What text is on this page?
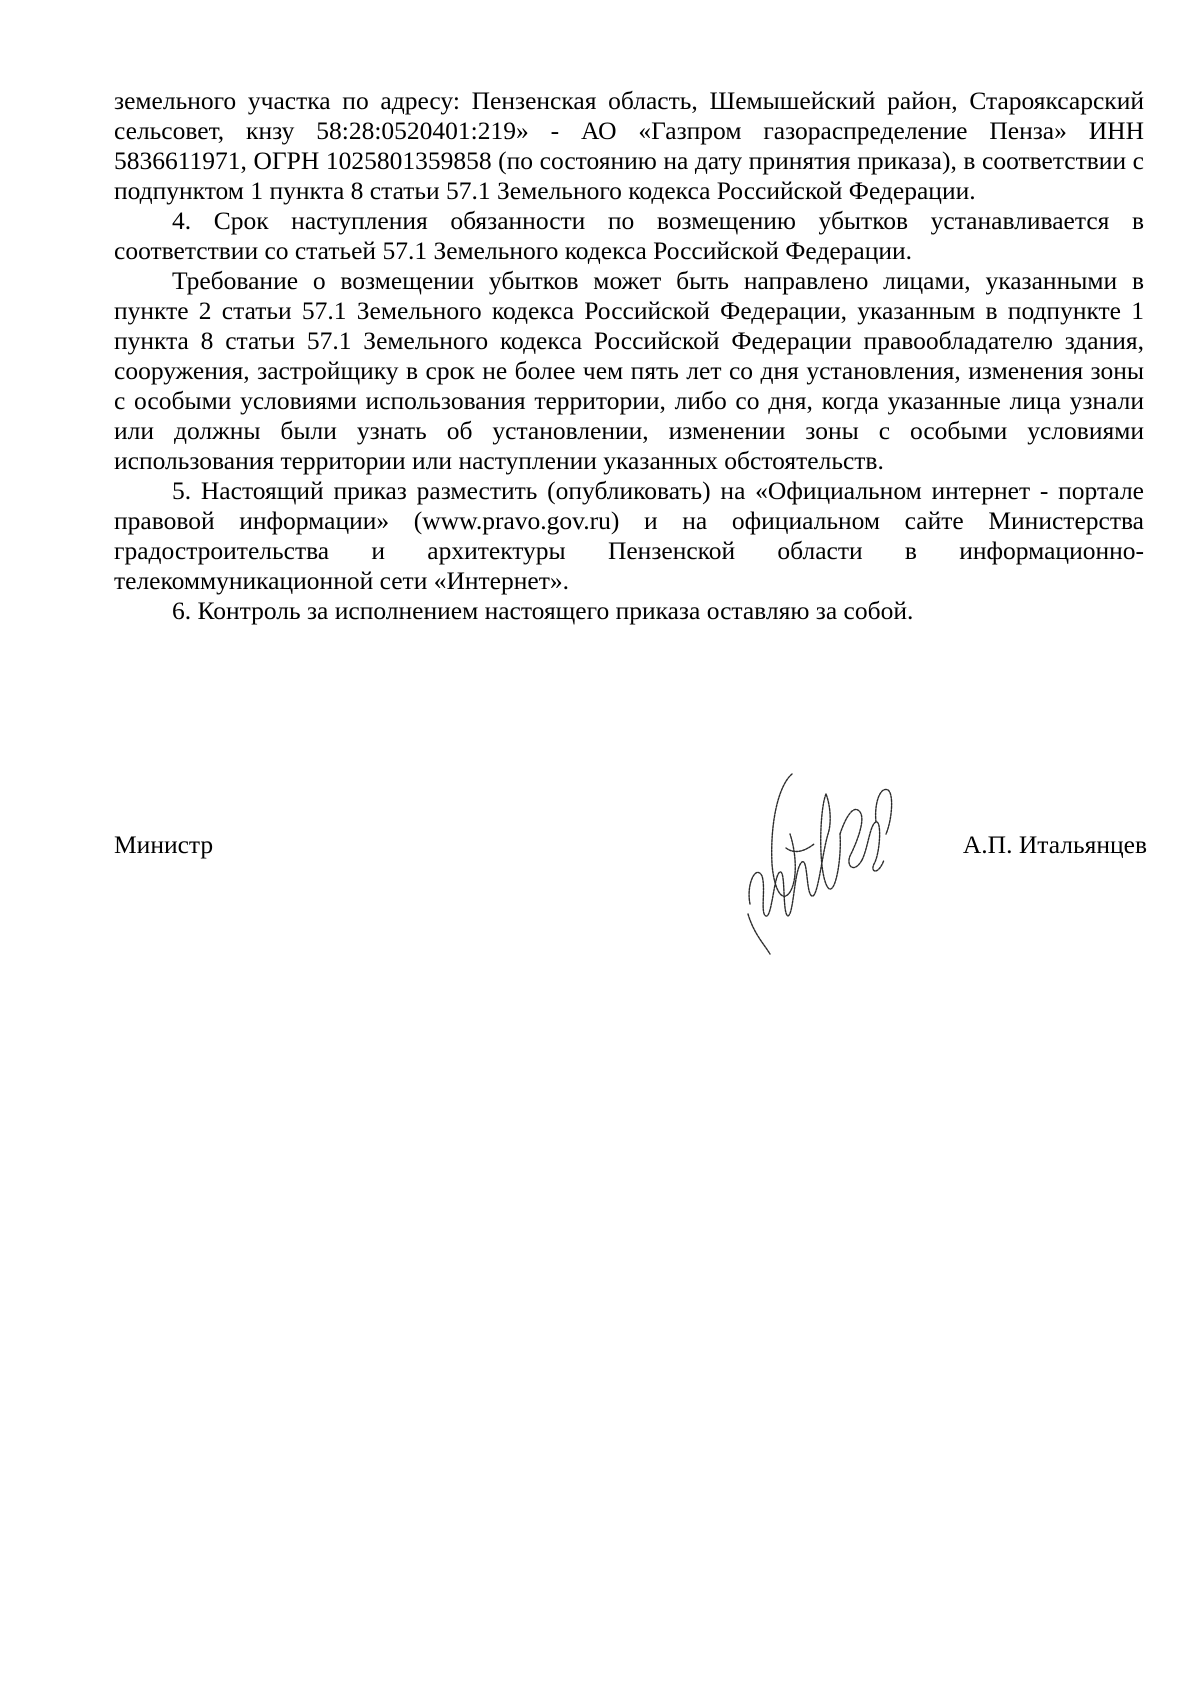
земельного участка по адресу: Пензенская область, Шемышейский район, Старояксарский сельсовет, кнзу 58:28:0520401:219» - АО «Газпром газораспределение Пенза» ИНН 5836611971, ОГРН 1025801359858 (по состоянию на дату принятия приказа), в соответствии с подпунктом 1 пункта 8 статьи 57.1 Земельного кодекса Российской Федерации.

4. Срок наступления обязанности по возмещению убытков устанавливается в соответствии со статьей 57.1 Земельного кодекса Российской Федерации.

Требование о возмещении убытков может быть направлено лицами, указанными в пункте 2 статьи 57.1 Земельного кодекса Российской Федерации, указанным в подпункте 1 пункта 8 статьи 57.1 Земельного кодекса Российской Федерации правообладателю здания, сооружения, застройщику в срок не более чем пять лет со дня установления, изменения зоны с особыми условиями использования территории, либо со дня, когда указанные лица узнали или должны были узнать об установлении, изменении зоны с особыми условиями использования территории или наступлении указанных обстоятельств.

5. Настоящий приказ разместить (опубликовать) на «Официальном интернет - портале правовой информации» (www.pravo.gov.ru) и на официальном сайте Министерства градостроительства и архитектуры Пензенской области в информационно-телекоммуникационной сети «Интернет».

6. Контроль за исполнением настоящего приказа оставляю за собой.

Министр	А.П. Итальянцев
